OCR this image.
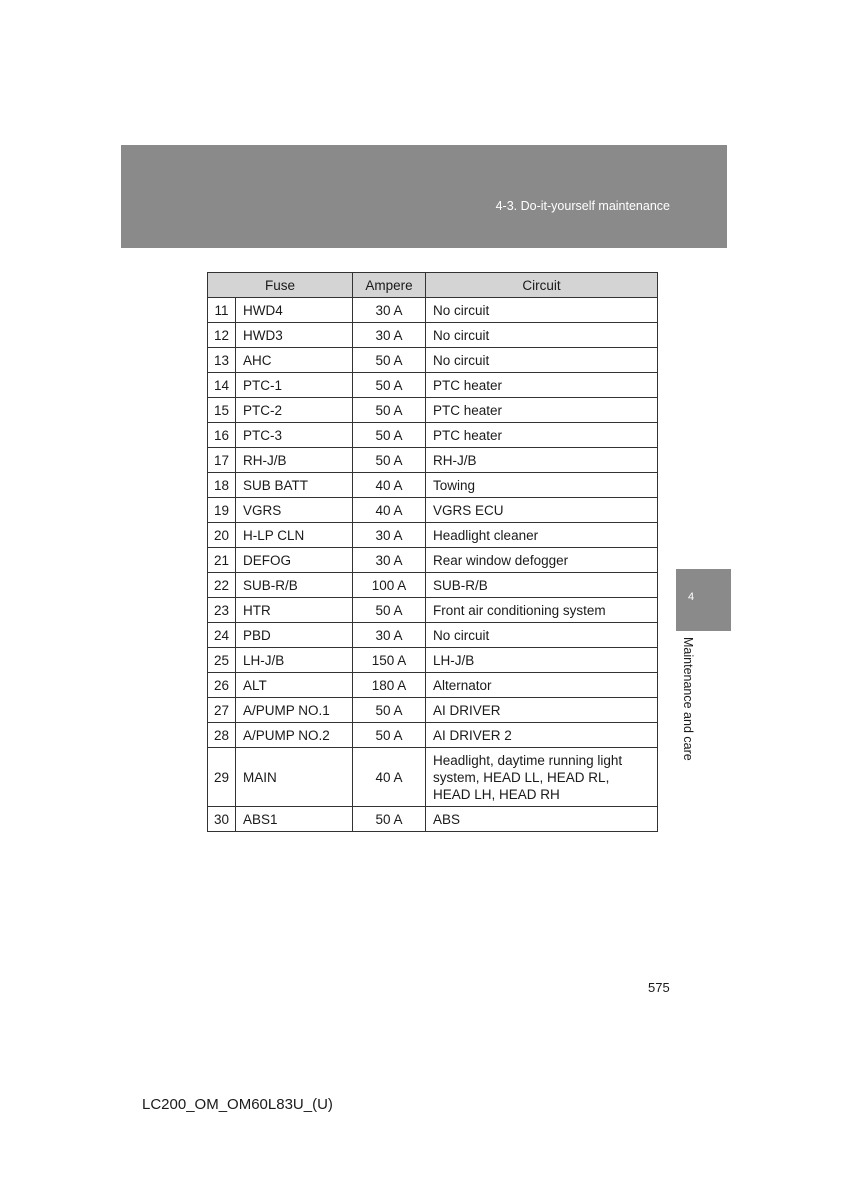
4-3. Do-it-yourself maintenance
Fuse		Ampere	Circuit
11	HWD4	30 A	No circuit
12	HWD3	30 A	No circuit
13	AHC	50 A	No circuit
14	PTC-1	50 A	PTC heater
15	PTC-2	50 A	PTC heater
16	PTC-3	50 A	PTC heater
17	RH-J/B	50 A	RH-J/B
18	SUB BATT	40 A	Towing
19	VGRS	40 A	VGRS ECU
20	H-LP CLN	30 A	Headlight cleaner
21	DEFOG	30 A	Rear window defogger
22	SUB-R/B	100 A	SUB-R/B
23	HTR	50 A	Front air conditioning system
24	PBD	30 A	No circuit
25	LH-J/B	150 A	LH-J/B
26	ALT	180 A	Alternator
27	A/PUMP NO.1	50 A	AI DRIVER
28	A/PUMP NO.2	50 A	AI DRIVER 2
29	MAIN	40 A	Headlight, daytime running light
system, HEAD LL, HEAD RL,
HEAD LH, HEAD RH
30	ABS1	50 A	ABS
4
Maintenance and care
575
LC200_OM_OM60L83U_(U)
